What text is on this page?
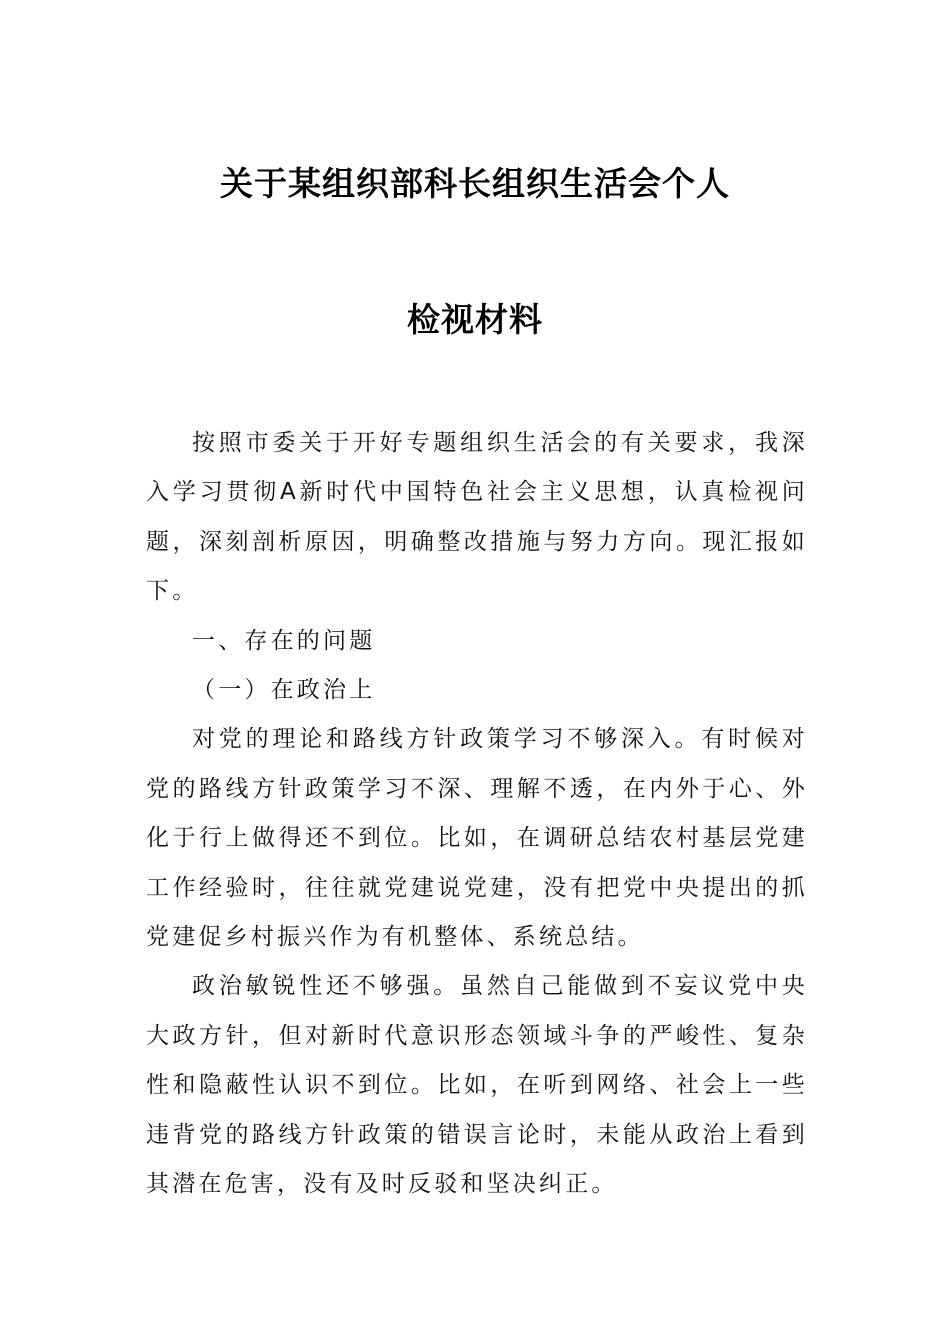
关于某组织部科长组织生活会个人
检视材料

按照市委关于开好专题组织生活会的有关要求，我深入学习贯彻A新时代中国特色社会主义思想，认真检视问题，深刻剖析原因，明确整改措施与努力方向。现汇报如下。

一、存在的问题

（一）在政治上

对党的理论和路线方针政策学习不够深入。有时候对党的路线方针政策学习不深、理解不透，在内外于心、外化于行上做得还不到位。比如，在调研总结农村基层党建工作经验时，往往就党建说党建，没有把党中央提出的抓党建促乡村振兴作为有机整体、系统总结。

政治敏锐性还不够强。虽然自己能做到不妄议党中央大政方针，但对新时代意识形态领域斗争的严峻性、复杂性和隐蔽性认识不到位。比如，在听到网络、社会上一些违背党的路线方针政策的错误言论时，未能从政治上看到其潜在危害，没有及时反驳和坚决纠正。
